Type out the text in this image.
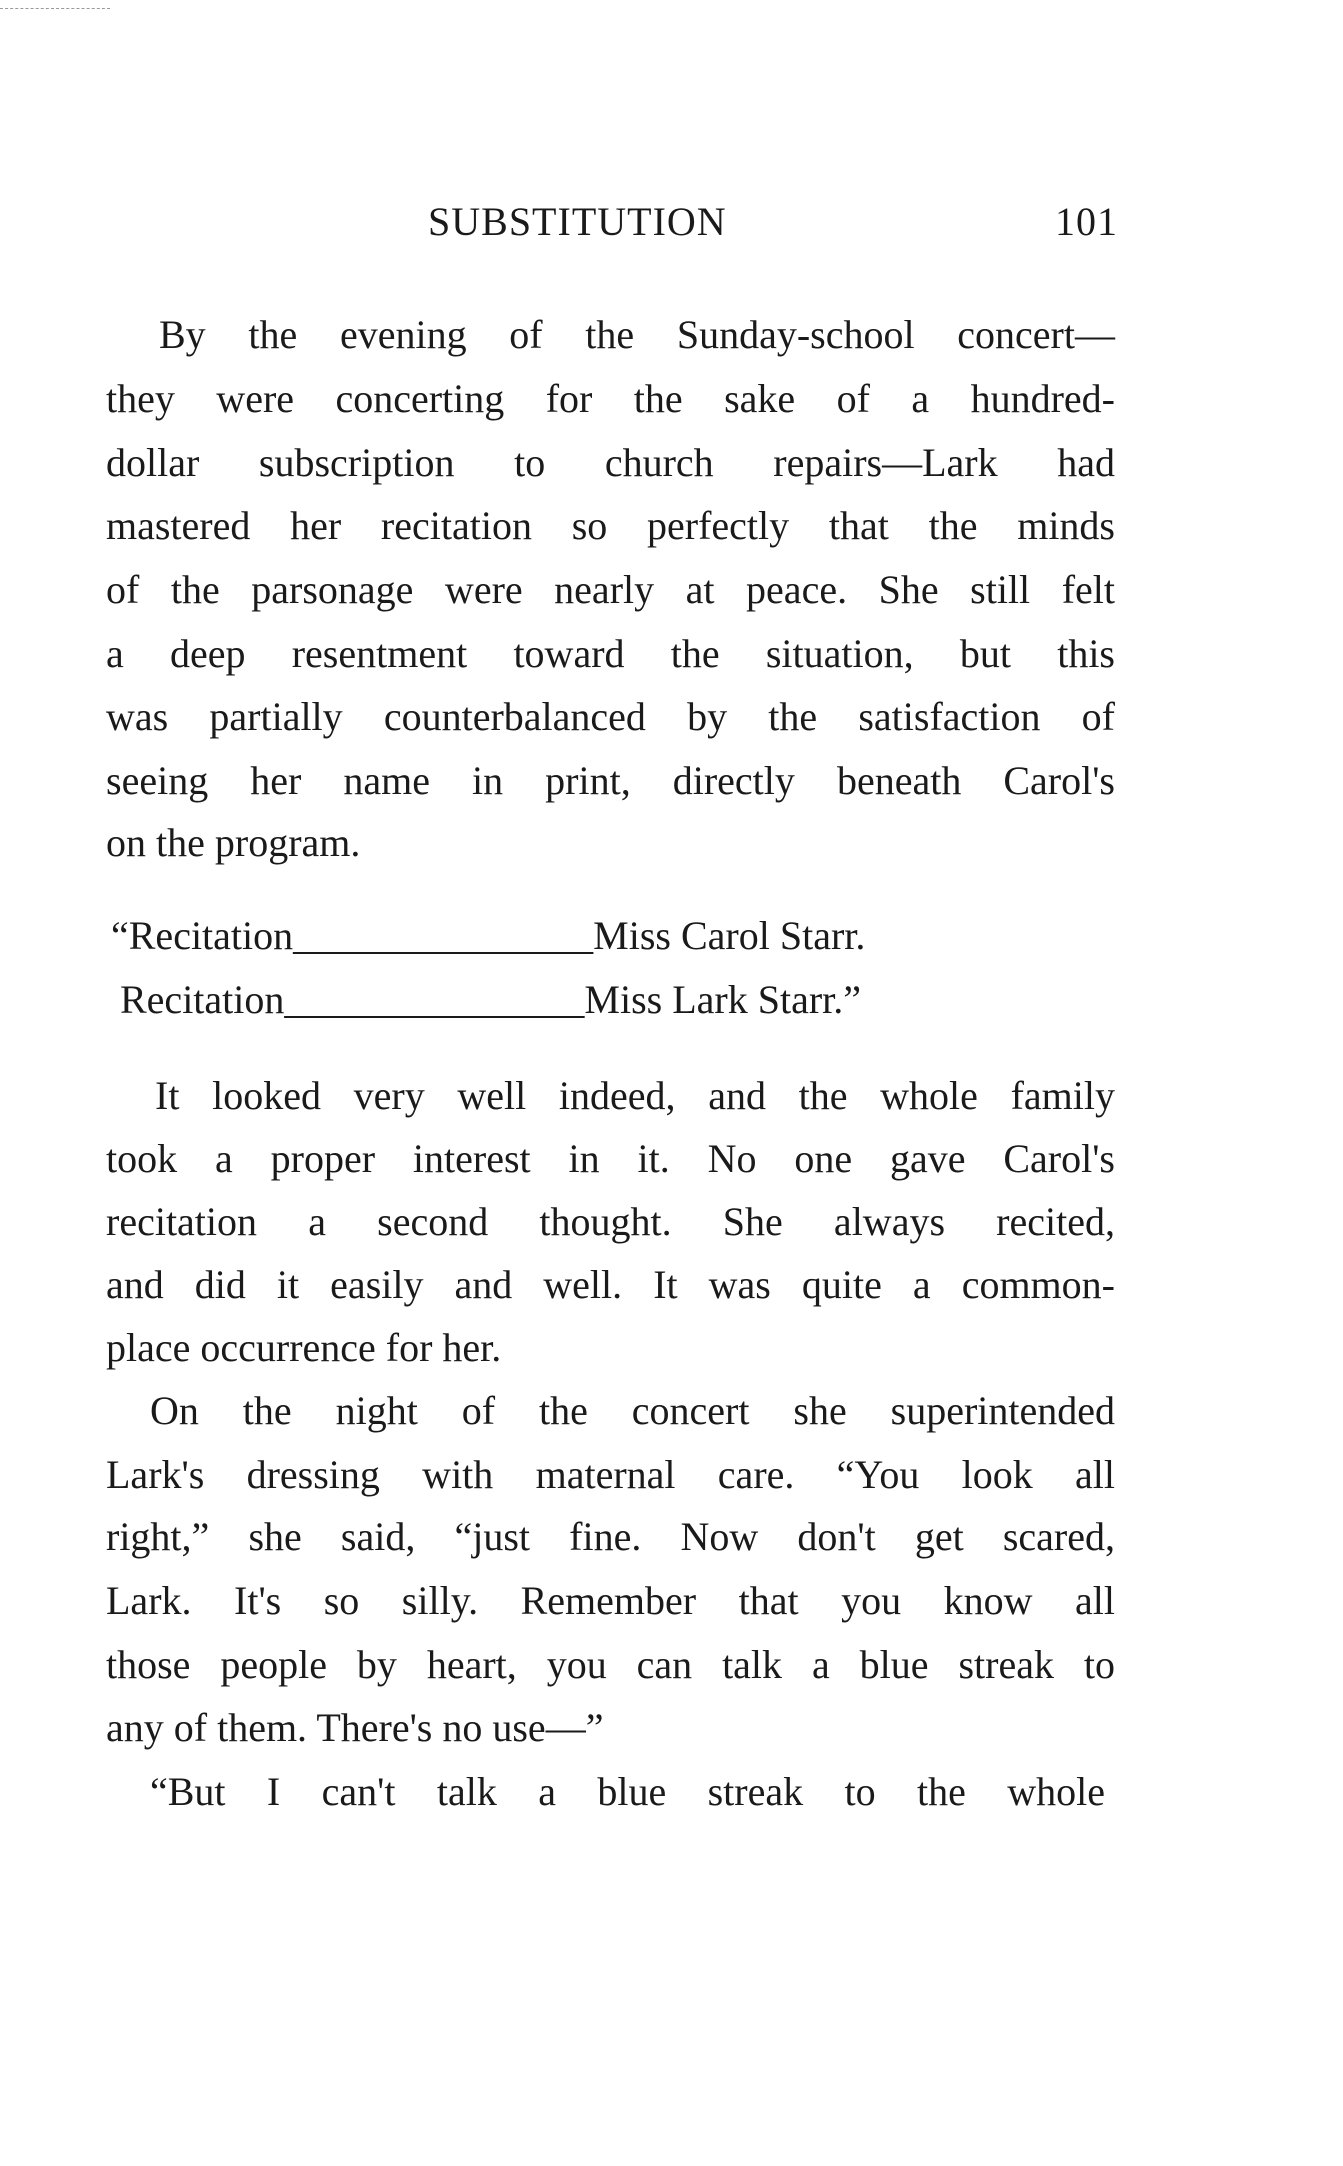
SUBSTITUTION	101
By the evening of the Sunday-school concert—
they were concerting for the sake of a hundred-
dollar subscription to church repairs—Lark had
mastered her recitation so perfectly that the minds
of the parsonage were nearly at peace. She still felt
a deep resentment toward the situation, but this
was partially counterbalanced by the satisfaction of
seeing her name in print, directly beneath Carol's
on the program.
“Recitation_______________Miss Carol Starr.
Recitation_______________Miss Lark Starr.”
It looked very well indeed, and the whole family
took a proper interest in it. No one gave Carol's
recitation a second thought. She always recited,
and did it easily and well. It was quite a common-
place occurrence for her.
On the night of the concert she superintended
Lark's dressing with maternal care. “You look all
right,” she said, “just fine. Now don't get scared,
Lark. It's so silly. Remember that you know all
those people by heart, you can talk a blue streak to
any of them. There's no use—”
“But I can't talk a blue streak to the whole
